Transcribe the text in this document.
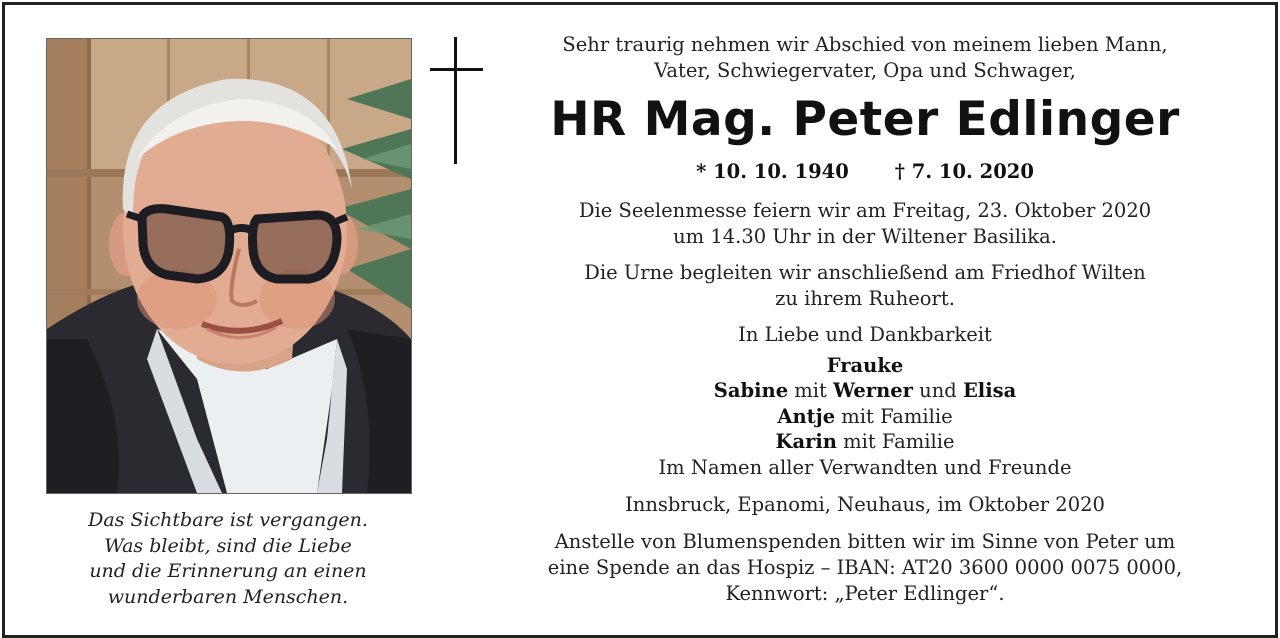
Das Sichtbare ist vergangen.
Was bleibt, sind die Liebe
und die Erinnerung an einen
wunderbaren Menschen.
Sehr traurig nehmen wir Abschied von meinem lieben Mann,
Vater, Schwiegervater, Opa und Schwager,
HR Mag. Peter Edlinger
* 10. 10. 1940 † 7. 10. 2020
Die Seelenmesse feiern wir am Freitag, 23. Oktober 2020
um 14.30 Uhr in der Wiltener Basilika.
Die Urne begleiten wir anschließend am Friedhof Wilten
zu ihrem Ruheort.
In Liebe und Dankbarkeit
Frauke
Sabine mit Werner und Elisa
Antje mit Familie
Karin mit Familie
Im Namen aller Verwandten und Freunde
Innsbruck, Epanomi, Neuhaus, im Oktober 2020
Anstelle von Blumenspenden bitten wir im Sinne von Peter um
eine Spende an das Hospiz – IBAN: AT20 3600 0000 0075 0000,
Kennwort: „Peter Edlinger“.
